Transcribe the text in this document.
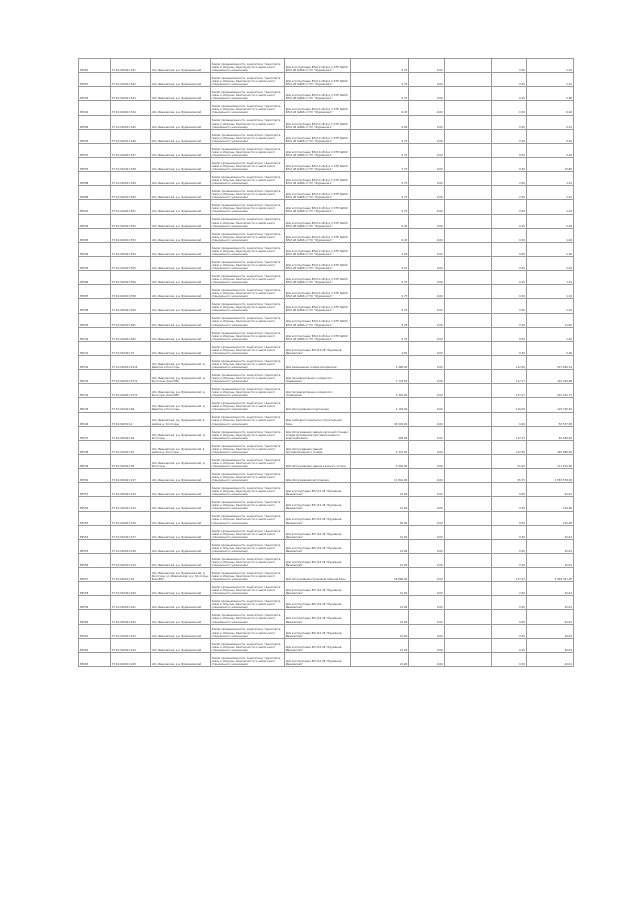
85581	37:19:010201:541	обл. Ивановская, р-н Фурмановский	Земли промышленности, энергетики, транспорта, связи и обороны, безопасности и земли иного специального назначения	Для эксплуатации ВЛ-0,4 кВ ф-р 1 КТП №000 ВЛ-6 кВ №606 от ПС "Фурманов-1"	0,75	0,00		2,00	1,91
85587	37:19:010201:542	обл. Ивановская, р-н Фурмановский	Земли промышленности, энергетики, транспорта, связи и обороны, безопасности и земли иного специального назначения	Для эксплуатации ВЛ-0,4 кВ ф-р 1 КТП №000 ВЛ-6 кВ №606 от ПС "Фурманов-1"	0,75	0,00		0,50	1,91
85505	37:19:010201:543	обл. Ивановская, р-н Фурмановский	Земли промышленности, энергетики, транспорта, связи и обороны, безопасности и земли иного специального назначения	Для эксплуатации ВЛ-0,4 кВ ф-р 1 КТП №000 ВЛ-6 кВ №606 от ПС "Фурманов-1"	0,75	0,00		0,50	0,80
85504	37:19:010201:544	обл. Ивановская, р-н Фурмановский	Земли промышленности, энергетики, транспорта, связи и обороны, безопасности и земли иного специального назначения	Для эксплуатации ВЛ-0,4 кВ ф-р 1 КТП №000 ВЛ-6 кВ №606 от ПС "Фурманов-1"	0,45	0,00		0,50	0,94
85506	37:19:010201:545	обл. Ивановская, р-н Фурмановский	Земли промышленности, энергетики, транспорта, связи и обороны, безопасности и земли иного специального назначения	Для эксплуатации ВЛ-0,4 кВ ф-р 1 КТП №000 ВЛ-6 кВ №606 от ПС "Фурманов-1"	0,66	0,00		0,50	0,91
85505	37:19:010201:546	обл. Ивановская, р-н Фурмановский	Земли промышленности, энергетики, транспорта, связи и обороны, безопасности и земли иного специального назначения	Для эксплуатации ВЛ-0,4 кВ ф-р 1 КТП №000 ВЛ-6 кВ №606 от ПС "Фурманов-1"	0,75	0,00		0,50	0,94
85507	37:19:010201:547	обл. Ивановская, р-н Фурмановский	Земли промышленности, энергетики, транспорта, связи и обороны, безопасности и земли иного специального назначения	Для эксплуатации ВЛ-0,4 кВ ф-р 1 КТП №000 ВЛ-6 кВ №606 от ПС "Фурманов-1"	0,75	0,00		0,50	0,94
85587	37:19:010201:548	обл. Ивановская, р-н Фурмановский	Земли промышленности, энергетики, транспорта, связи и обороны, безопасности и земли иного специального назначения	Для эксплуатации ВЛ-0,4 кВ ф-р 1 КТП №000 ВЛ-6 кВ №606 от ПС "Фурманов-1"	7,75	0,00		0,50	15,85
85588	37:19:010201:549	обл. Ивановская, р-н Фурмановский	Земли промышленности, энергетики, транспорта, связи и обороны, безопасности и земли иного специального назначения	Для эксплуатации ВЛ-0,4 кВ ф-р 1 КТП №000 ВЛ-6 кВ №606 от ПС "Фурманов-1"	0,75	0,00		2,00	1,91
85586	37:19:010201:550	обл. Ивановская, р-н Фурмановский	Земли промышленности, энергетики, транспорта, связи и обороны, безопасности и земли иного специального назначения	Для эксплуатации ВЛ-0,4 кВ ф-р 1 КТП №000 ВЛ-6 кВ №606 от ПС "Фурманов-1"	0,75	0,00		2,00	1,91
85591	37:19:010201:551	обл. Ивановская, р-н Фурмановский	Земли промышленности, энергетики, транспорта, связи и обороны, безопасности и земли иного специального назначения	Для эксплуатации ВЛ-0,4 кВ ф-р 1 КТП №000 ВЛ-6 кВ №606 от ПС "Фурманов-1"	0,75	0,00		0,50	1,91
85592	37:19:010201:552	обл. Ивановская, р-н Фурмановский	Земли промышленности, энергетики, транспорта, связи и обороны, безопасности и земли иного специального назначения	Для эксплуатации ВЛ-0,4 кВ ф-р 1 КТП №000 ВЛ-6 кВ №606 от ПС "Фурманов-1"	0,45	0,00		0,50	0,94
85583	37:19:010201:553	обл. Ивановская, р-н Фурмановский	Земли промышленности, энергетики, транспорта, связи и обороны, безопасности и земли иного специального назначения	Для эксплуатации ВЛ-0,4 кВ ф-р 1 КТП №000 ВЛ-6 кВ №606 от ПС "Фурманов-1"	0,45	0,00		0,50	1,40
85594	37:19:010201:554	обл. Ивановская, р-н Фурмановский	Земли промышленности, энергетики, транспорта, связи и обороны, безопасности и земли иного специального назначения	Для эксплуатации ВЛ-0,4 кВ ф-р 1 КТП №000 ВЛ-6 кВ №606 от ПС "Фурманов-1"	1,50	0,00		0,50	0,00
85595	37:19:010201:555	обл. Ивановская, р-н Фурмановский	Земли промышленности, энергетики, транспорта, связи и обороны, безопасности и земли иного специального назначения	Для эксплуатации ВЛ-0,4 кВ ф-р 1 КТП №000 ВЛ-6 кВ №606 от ПС "Фурманов-1"	4,97	0,00		0,50	5,01
85586	37:19:010201:556	обл. Ивановская, р-н Фурмановский	Земли промышленности, энергетики, транспорта, связи и обороны, безопасности и земли иного специального назначения	Для эксплуатации ВЛ-0,4 кВ ф-р 1 КТП №000 ВЛ-6 кВ №606 от ПС "Фурманов-1"	0,75	0,00		0,50	1,91
85587	37:19:010201:558	обл. Ивановская, р-н Фурмановский	Земли промышленности, энергетики, транспорта, связи и обороны, безопасности и земли иного специального назначения	Для эксплуатации ВЛ-0,4 кВ ф-р 1 КТП №000 ВЛ-6 кВ №606 от ПС "Фурманов-1"	0,75	0,00		0,50	1,91
85598	37:19:010201:559	обл. Ивановская, р-н Фурмановский	Земли промышленности, энергетики, транспорта, связи и обороны, безопасности и земли иного специального назначения	Для эксплуатации ВЛ-0,4 кВ ф-р 1 КТП №000 ВЛ-6 кВ №606 от ПС "Фурманов-1"	0,75	0,00		2,00	1,91
85593	37:19:010201:561	обл. Ивановская, р-н Фурмановский	Земли промышленности, энергетики, транспорта, связи и обороны, безопасности и земли иного специального назначения	Для эксплуатации ВЛ-0,4 кВ ф-р 1 КТП №000 ВЛ-6 кВ №606 от ПС "Фурманов-1"	5,78	0,00		0,50	11,60
85540	37:19:010201:562	обл. Ивановская, р-н Фурмановский	Земли промышленности, энергетики, транспорта, связи и обороны, безопасности и земли иного специального назначения	Для эксплуатации ВЛ-0,4 кВ ф-р 1 КТП №000 ВЛ-6 кВ №606 от ПС "Фурманов-1"	0,75	0,00		0,50	1,40
85541	37:19:010201:37	обл. Ивановская, р-н Фурмановский	Земли промышленности, энергетики, транспорта, связи и обороны, безопасности и земли иного специального назначения	Для эксплуатации ВЛ-110 кВ "Фурманов-Ивановская"	4,65	0,00		0,50	0,00
85542	37:19:010201:1514	обл. Ивановская, р-н Фурмановский, д. Девятое и Косогоры	Земли промышленности, энергетики, транспорта, связи и обороны, безопасности и земли иного специального назначения	Для размещения склада материалов	5 480,00	0,00		112,00	237 090,54
85543	37:19:010201:1571	обл. Ивановская, р-н Фурмановский, д. Косогоры, база МЭС	Земли промышленности, энергетики, транспорта, связи и обороны, безопасности и земли иного специального назначения	Для производственно-складского помещения	1 778,00	0,00		117,17	149 334,68
85544	37:19:010201:1572	обл. Ивановская, р-н Фурмановский, д. Косогоры, база МЭС	Земли промышленности, энергетики, транспорта, связи и обороны, безопасности и земли иного специального назначения	Для производственно-складского помещения	2 452,00	0,00		117,17	201 422,71
85545	37:19:010201:69	обл. Ивановская, р-н Фурмановский, д. Девятое и Косогоры	Земли промышленности, энергетики, транспорта, связи и обороны, безопасности и земли иного специального назначения	Для обслуживания подстанции	1 118,00	0,00		116,00	129 740,81
85546	37:19:020314:4	обл. Ивановская, р-н Фурмановский, в районе д. Косогоры	Земли промышленности, энергетики, транспорта, связи и обороны, безопасности и земли иного специального назначения	Для свободного ремонтно-строительной базы	45 029,00	0,00		0,00	50 557,58
85547	37:19:010201:46	обл. Ивановская, р-н Фурмановский, д. Косогоры	Земли промышленности, энергетики, транспорта, связи и обороны, безопасности и земли иного специального назначения	Для обслуживания здания насосной станции склада материалов противопожарного водоснабжения	428,00	0,00		117,27	40 589,82
85548	37:19:010201:45	обл. Ивановская, р-н Фурмановский, в районе д. Косогоры	Земли промышленности, энергетики, транспорта, связи и обороны, безопасности и земли иного специального назначения	Для обслуживания зданий противопожарного склада	4 374,00	0,00		112,00	493 986,40
85549	37:19:010201:48	обл. Ивановская, р-н Фурмановский, д. Косогоры	Земли промышленности, энергетики, транспорта, связи и обороны, безопасности и земли иного специального назначения	Для обслуживания здания красного уголка	3 305,00	0,00		51,40	111 874,60
85550	37:19:020401:157	обл. Ивановская, р-н Фурмановский	Земли промышленности, энергетики, транспорта, связи и обороны, безопасности и земли иного специального назначения	Для обслуживания автогаража	11 841,00	0,00		95,75	1 583 378,36
85551	37:19:010201:154	обл. Ивановская, р-н Фурмановский	Земли промышленности, энергетики, транспорта, связи и обороны, безопасности и земли иного специального назначения	Для эксплуатации ВЛ 110 кВ "Фурманов-Ивановская"	21,00	0,00		0,50	42,04
85552	37:19:010201:155	обл. Ивановская, р-н Фурмановский	Земли промышленности, энергетики, транспорта, связи и обороны, безопасности и земли иного специального назначения	Для эксплуатации ВЛ 110 кВ "Фурманов-Ивановская"	21,00	0,00		0,50	100,06
85553	37:19:010201:156	обл. Ивановская, р-н Фурмановский	Земли промышленности, энергетики, транспорта, связи и обороны, безопасности и земли иного специального назначения	Для эксплуатации ВЛ 110 кВ "Фурманов-Ивановская"	50,00	0,00		0,50	100,06
85554	37:19:010201:157	обл. Ивановская, р-н Фурмановский	Земли промышленности, энергетики, транспорта, связи и обороны, безопасности и земли иного специального назначения	Для эксплуатации ВЛ 110 кВ "Фурманов-Ивановская"	21,00	0,00		0,50	42,04
85555	37:19:010201:158	обл. Ивановская, р-н Фурмановский	Земли промышленности, энергетики, транспорта, связи и обороны, безопасности и земли иного специального назначения	Для эксплуатации ВЛ 110 кВ "Фурманов-Ивановская"	21,00	0,00		0,50	42,04
85556	37:19:010201:159	обл. Ивановская, р-н Фурмановский	Земли промышленности, энергетики, транспорта, связи и обороны, безопасности и земли иного специального назначения	Для эксплуатации ВЛ 110 кВ "Фурманов-Ивановская"	21,00	0,00		0,50	42,04
85557	37:19:020101:18	обл. Ивановская, р-н Фурмановский, д. Косогоры, ул. Ивановская, д.у. Косогоры, база ВКС	Земли промышленности, энергетики, транспорта, связи и обороны, безопасности и земли иного специального назначения	Для обслуживания производственной базы	18 980,00	0,00		117,27	2 802 347,05
85558	37:19:010201:160	обл. Ивановская, р-н Фурмановский	Земли промышленности, энергетики, транспорта, связи и обороны, безопасности и земли иного специального назначения	Для эксплуатации ВЛ 110 кВ "Фурманов-Ивановская"	21,00	0,00		2,00	42,04
85559	37:19:010201:161	обл. Ивановская, р-н Фурмановский	Земли промышленности, энергетики, транспорта, связи и обороны, безопасности и земли иного специального назначения	Для эксплуатации ВЛ 110 кВ "Фурманов-Ивановская"	21,00	0,00		0,50	42,04
85560	37:19:010201:162	обл. Ивановская, р-н Фурмановский	Земли промышленности, энергетики, транспорта, связи и обороны, безопасности и земли иного специального назначения	Для эксплуатации ВЛ 110 кВ "Фурманов-Ивановская"	21,00	0,00		0,50	42,04
85561	37:19:010201:163	обл. Ивановская, р-н Фурмановский	Земли промышленности, энергетики, транспорта, связи и обороны, безопасности и земли иного специального назначения	Для эксплуатации ВЛ 110 кВ "Фурманов-Ивановская"	21,00	0,00		0,50	42,04
85562	37:19:010201:164	обл. Ивановская, р-н Фурмановский	Земли промышленности, энергетики, транспорта, связи и обороны, безопасности и земли иного специального назначения	Для эксплуатации ВЛ 110 кВ "Фурманов-Ивановская"	21,00	0,00		0,50	42,04
85563	37:19:010201:165	обл. Ивановская, р-н Фурмановский	Земли промышленности, энергетики, транспорта, связи и обороны, безопасности и земли иного специального назначения	Для эксплуатации ВЛ 110 кВ "Фурманов-Ивановская"	21,00	0,00		0,50	42,04
